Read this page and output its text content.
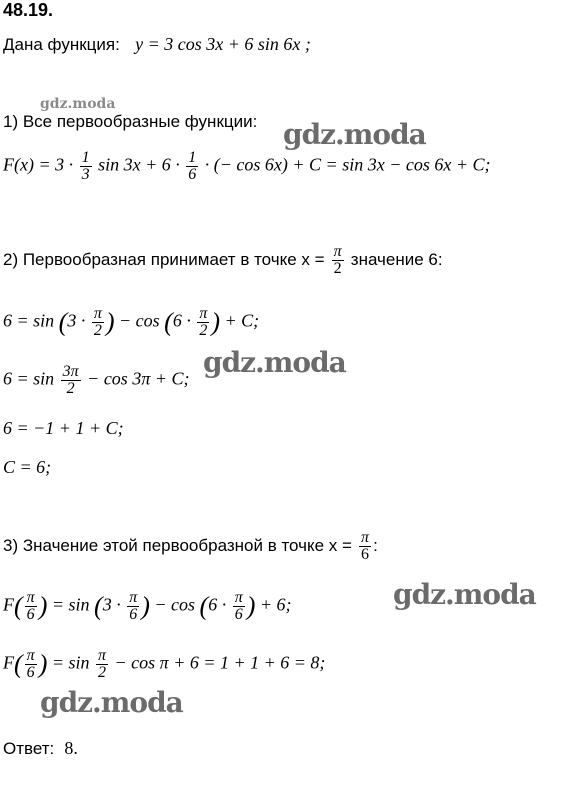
48.19.
Дана функция: y = 3 cos 3x + 6 sin 6x ;
gdz.moda
1) Все первообразные функции: gdz.moda
$F(x) = 3 \cdot \frac{1}{3}$ $\sin 3x + 6 \cdot \frac{1}{6}$ · (− cos 6x) + C = sin 3x − cos 6x + C;
2) Первообразная принимает в точке $x = \frac{\pi}{2}$ значение 6:
$6 = \sin (3 \cdot \frac{\pi}{2}$ ) − $\cos (6 \cdot \frac{\pi}{2}$ ) + C;
gdz.moda
$6 = \sin \frac{3\pi}{2} - \cos 3\pi + C$;
6 = −1 + 1 + C;
C = 6;
3) Значение этой первообразной в точке $x = \frac{\pi}{6}$ :
gdz.moda
$F( \frac{\pi}{6}$ ) = $\sin (3 \cdot \frac{\pi}{6}$ ) − $\cos (6 \cdot \frac{\pi}{6}$ ) + 6;
$F( \frac{\pi}{6}$ ) = $\sin \frac{\pi}{2} - \cos \pi + 6 = 1 + 1 + 6 = 8$;
gdz.moda
Ответ: 8.
